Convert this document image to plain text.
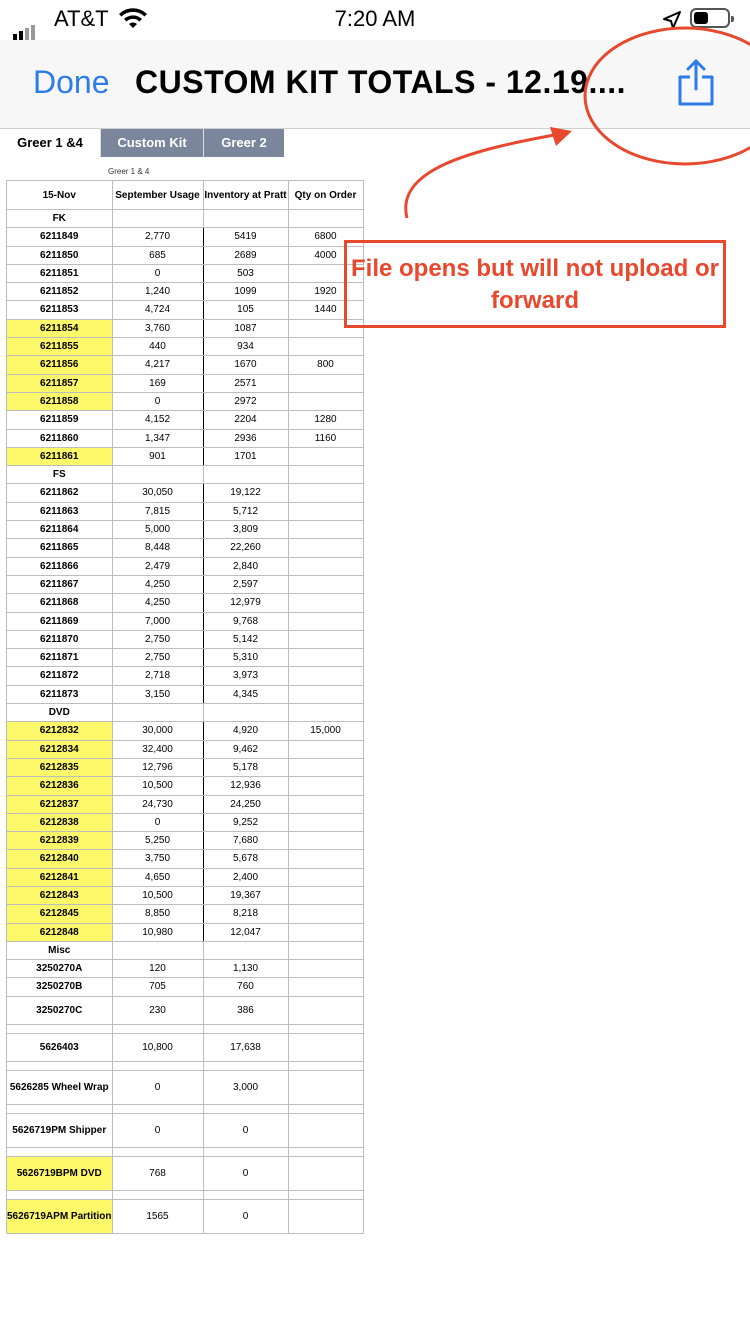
AT&T	7:20 AM
Done CUSTOM KIT TOTALS - 12.19....
Greer 1 &4	Custom Kit	Greer 2
Greer 1 & 4
15-Nov	September Usage	Inventory at Pratt	Qty on Order
FK			
6211849	2,770	5419	6800
6211850	685	2689	4000
6211851	0	503	
6211852	1,240	1099	1920
6211853	4,724	105	1440
6211854	3,760	1087	
6211855	440	934	
6211856	4,217	1670	800
6211857	169	2571	
6211858	0	2972	
6211859	4,152	2204	1280
6211860	1,347	2936	1160
6211861	901	1701	
FS			
6211862	30,050	19,122	
6211863	7,815	5,712	
6211864	5,000	3,809	
6211865	8,448	22,260	
6211866	2,479	2,840	
6211867	4,250	2,597	
6211868	4,250	12,979	
6211869	7,000	9,768	
6211870	2,750	5,142	
6211871	2,750	5,310	
6211872	2,718	3,973	
6211873	3,150	4,345	
DVD			
6212832	30,000	4,920	15,000
6212834	32,400	9,462	
6212835	12,796	5,178	
6212836	10,500	12,936	
6212837	24,730	24,250	
6212838	0	9,252	
6212839	5,250	7,680	
6212840	3,750	5,678	
6212841	4,650	2,400	
6212843	10,500	19,367	
6212845	8,850	8,218	
6212848	10,980	12,047	
Misc			
3250270A	120	1,130	
3250270B	705	760	
3250270C	230	386	

5626403	10,800	17,638	

5626285 Wheel Wrap	0	3,000	

5626719PM Shipper	0	0	

5626719BPM DVD	768	0	

5626719APM Partition	1565	0	
File opens but will not upload or forward
